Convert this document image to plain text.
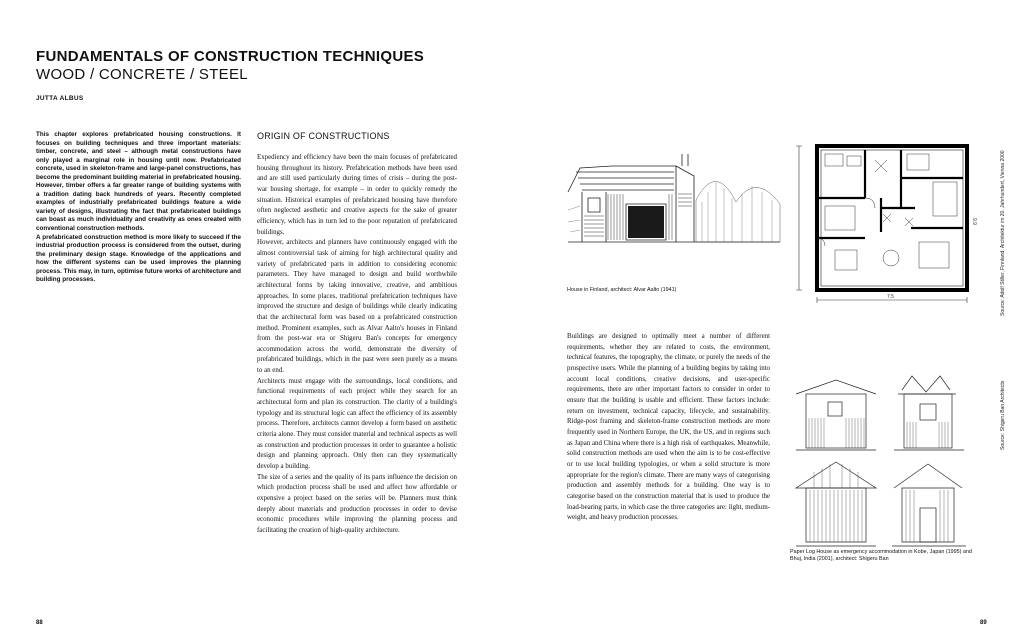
FUNDAMENTALS OF CONSTRUCTION TECHNIQUES
WOOD / CONCRETE / STEEL
JUTTA ALBUS

This chapter explores prefabricated housing constructions. It focuses on building techniques and three important materials: timber, concrete, and steel – although metal constructions have only played a marginal role in housing until now. Prefabricated concrete, used in skeleton-frame and large-panel constructions, has become the predominant building material in prefabricated housing. However, timber offers a far greater range of building systems with a tradition dating back hundreds of years. Recently completed examples of industrially prefabricated buildings feature a wide variety of designs, illustrating the fact that prefabricated buildings can boast as much individuality and creativity as ones created with conventional construction methods.

A prefabricated construction method is more likely to succeed if the industrial production process is considered from the outset, during the preliminary design stage. Knowledge of the applications and how the different systems can be used improves the planning process. This may, in turn, optimise future works of architecture and building processes.

ORIGIN OF CONSTRUCTIONS

Expediency and efficiency have been the main focuses of prefabricated housing throughout its history. Prefabrication methods have been used and are still used particularly during times of crisis – during the post-war housing shortage, for example – in order to quickly remedy the situation. Historical examples of prefabricated housing have therefore often neglected aesthetic and creative aspects for the sake of greater efficiency, which has in turn led to the poor reputation of prefabricated buildings.

However, architects and planners have continuously engaged with the almost controversial task of aiming for high architectural quality and variety of prefabricated parts in addition to considering economic parameters. They have managed to design and build worthwhile architectural forms by taking innovative, creative, and ambitious approaches. In some places, traditional prefabrication techniques have improved the structure and design of buildings while clearly indicating that the architectural form was based on a prefabricated construction method. Prominent examples, such as Alvar Aalto's houses in Finland from the post-war era or Shigeru Ban's concepts for emergency accommodation across the world, demonstrate the diversity of prefabricated buildings, which in the past were seen purely as a means to an end.

Architects must engage with the surroundings, local conditions, and functional requirements of each project while they search for an architectural form and plan its construction. The clarity of a building's typology and its structural logic can affect the efficiency of its assembly process. Therefore, architects cannot develop a form based on aesthetic criteria alone. They must consider material and technical aspects as well as construction and production processes in order to guarantee a holistic design and planning approach. Only then can they systematically develop a building.

The size of a series and the quality of its parts influence the decision on which production process shall be used and affect how affordable or expensive a project based on the series will be. Planners must think deeply about materials and production processes in order to devise economic procedures while improving the planning process and facilitating the creation of high-quality architecture.

88
House in Finland, architect: Alvar Aalto (1941)
9.9
7.5	Source: Adolf Stiller, Finnland: Architektur im 20. Jahrhundert, Vienna 2000
Buildings are designed to optimally meet a number of different requirements, whether they are related to costs, the environment, technical features, the topography, the climate, or purely the needs of the prospective users. While the planning of a building begins by taking into account local conditions, creative decisions, and user-specific requirements, there are other important factors to consider in order to ensure that the building is usable and efficient. These factors include: return on investment, technical capacity, lifecycle, and sustainability. Ridge-post framing and skeleton-frame construction methods are more frequently used in Northern Europe, the UK, the US, and in regions such as Japan and China where there is a high risk of earthquakes. Meanwhile, solid construction methods are used when the aim is to be cost-effective or to use local building typologies, or when a solid structure is more appropriate for the region's climate. There are many ways of categorising production and assembly methods for a building. One way is to categorise based on the construction material that is used to produce the load-bearing parts, in which case the three categories are: light, medium-weight, and heavy production processes.
Source: Shigeru Ban Architects
Paper Log House as emergency accommodation in Kobe, Japan (1995) and Bhuj, India (2001), architect: Shigeru Ban
89
